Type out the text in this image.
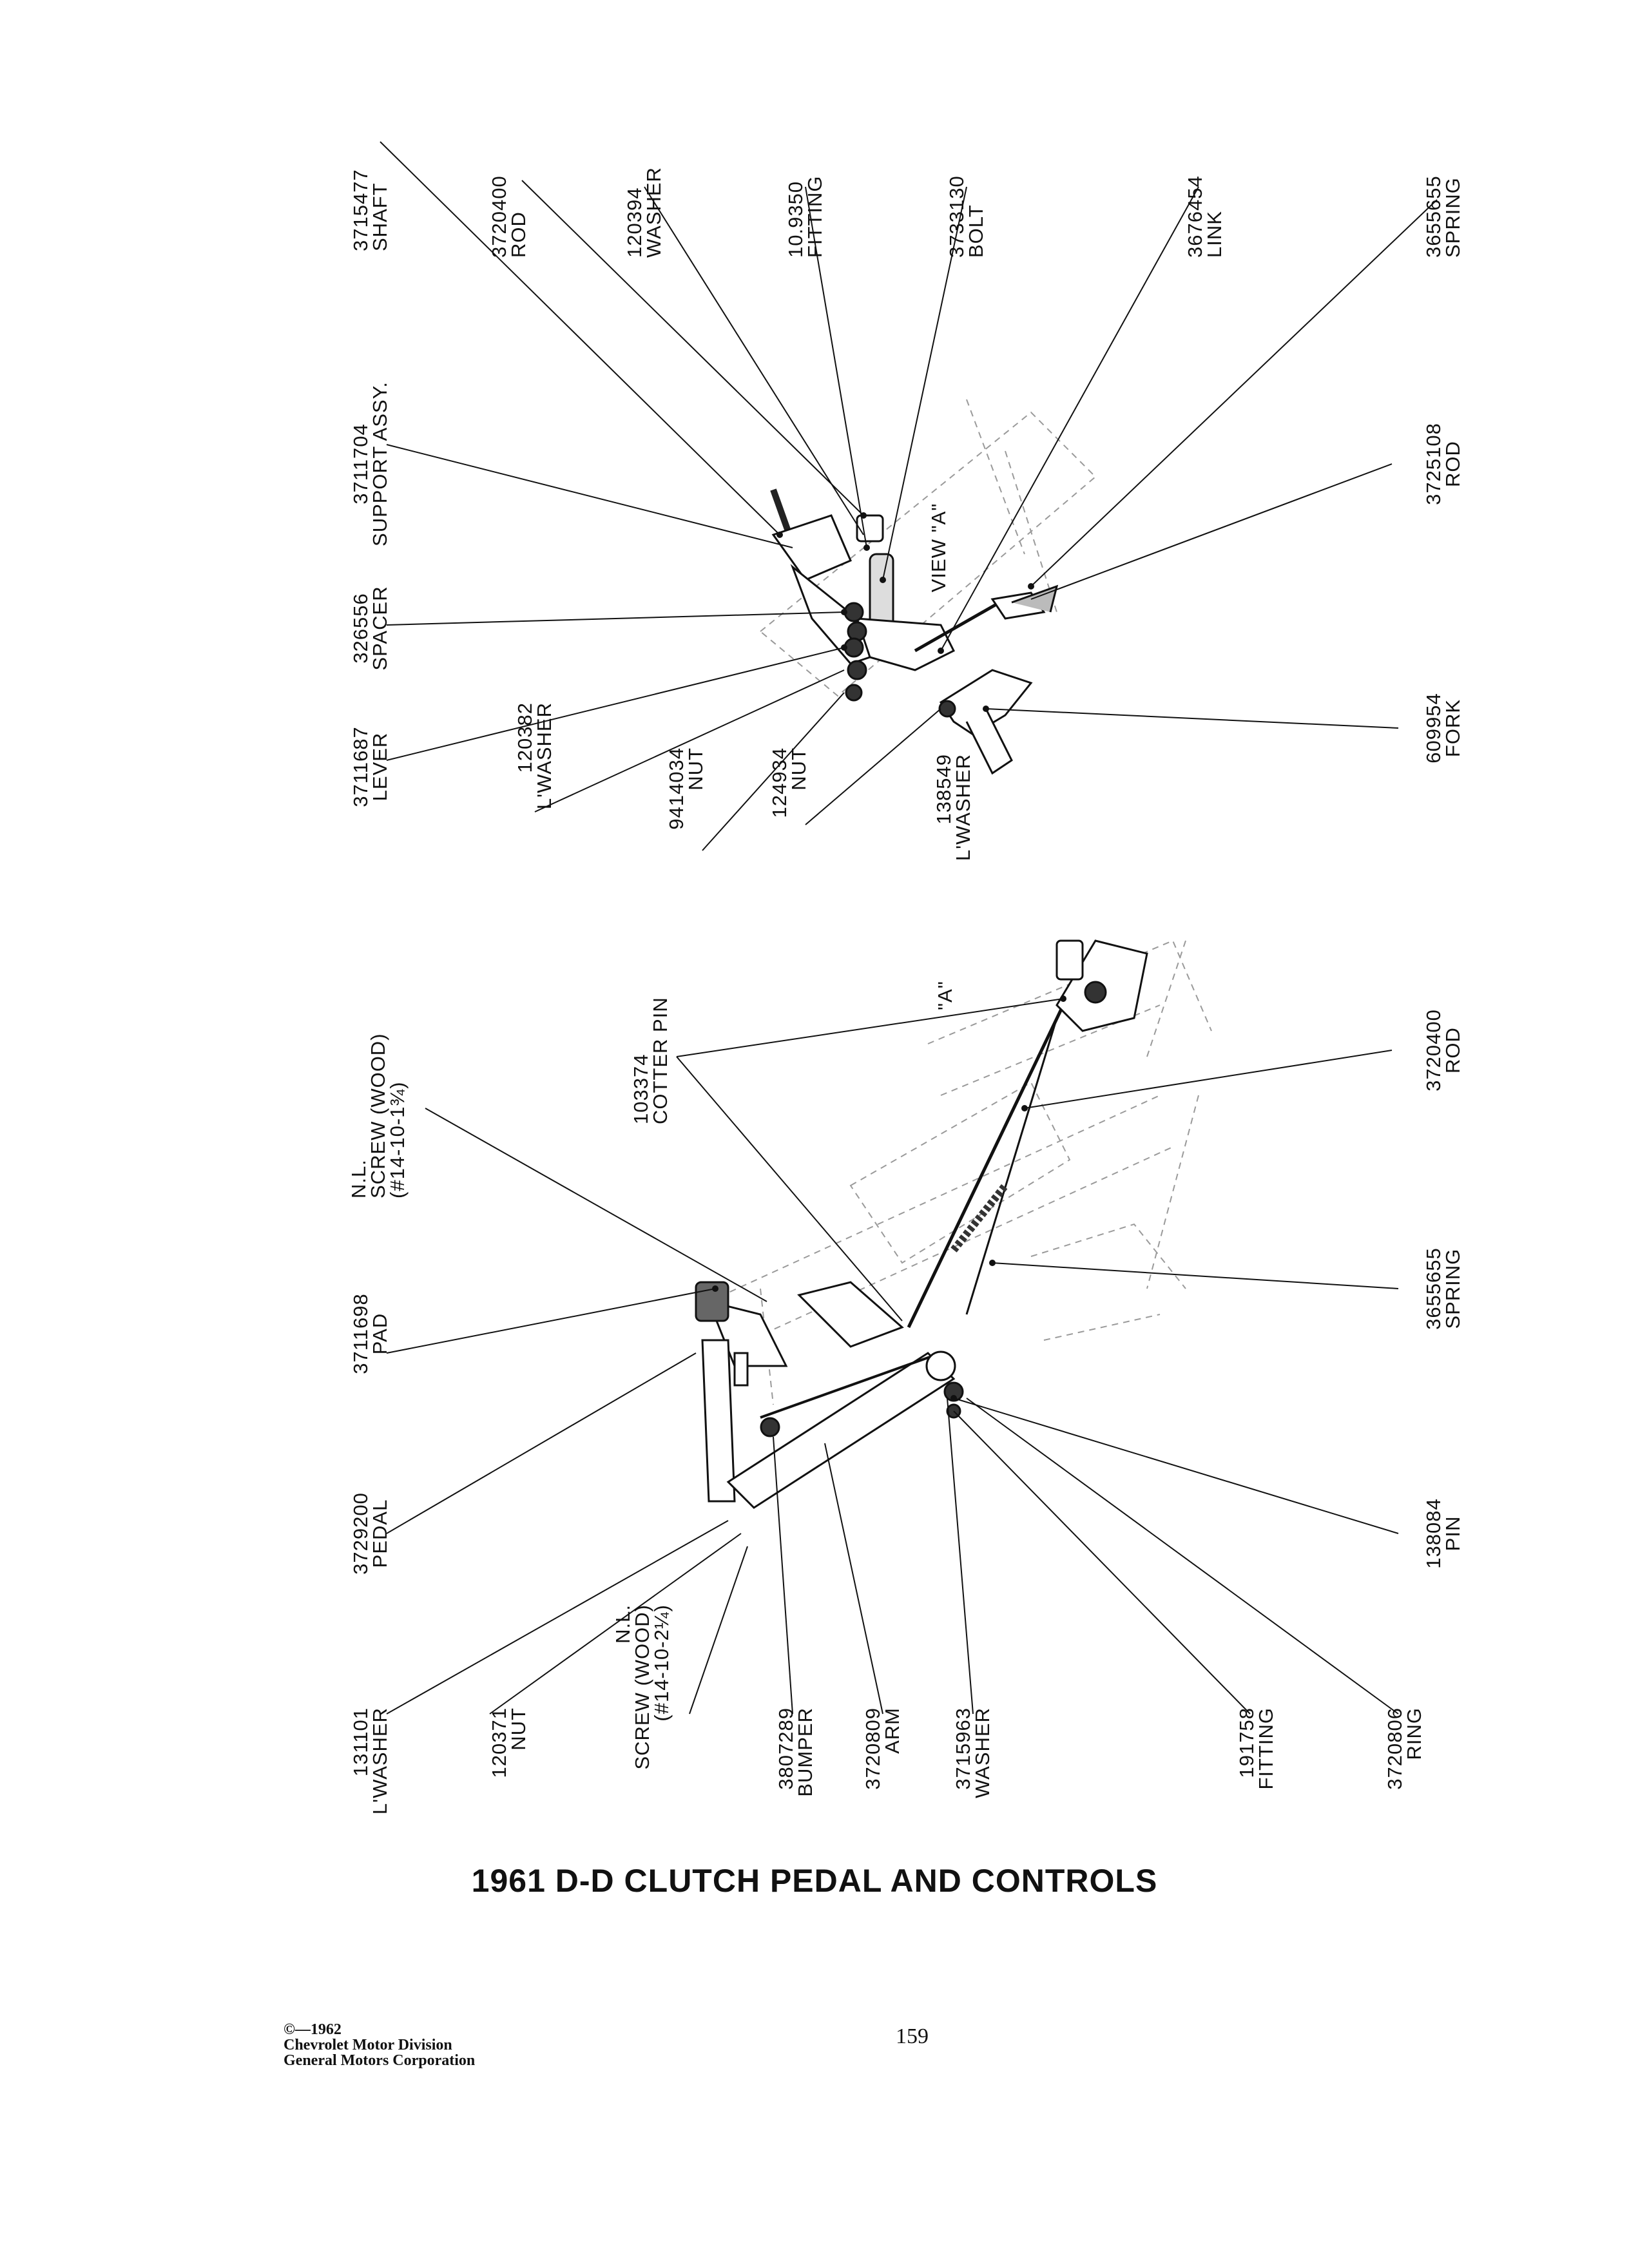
3715477
SHAFT	3720400
ROD	120394
WASHER	10.9350
FITTING	3733130
BOLT	3676454
LINK	3655655
SPRING
3711704
SUPPORT ASSY.	3725108
ROD
326556
SPACER
3711687
LEVER
609954
FORK
120382
L'WASHER	9414034
NUT	124934
NUT	138549
L'WASHER
VIEW "A"
"A"
N.L.
SCREW (WOOD)
(#14-10-1¾)	103374
COTTER PIN	3720400
ROD
3711698
PAD
3655655
SPRING
3729200
PEDAL	138084
PIN
131101
L'WASHER	120371
NUT
N.L.
SCREW (WOOD)
(#14-10-2¼)
3807289
BUMPER 3720809
ARM 3715963
WASHER	191758
FITTING	3720806
RING
1961 D-D CLUTCH PEDAL AND CONTROLS
©—1962
Chevrolet Motor Division
General Motors Corporation
159
